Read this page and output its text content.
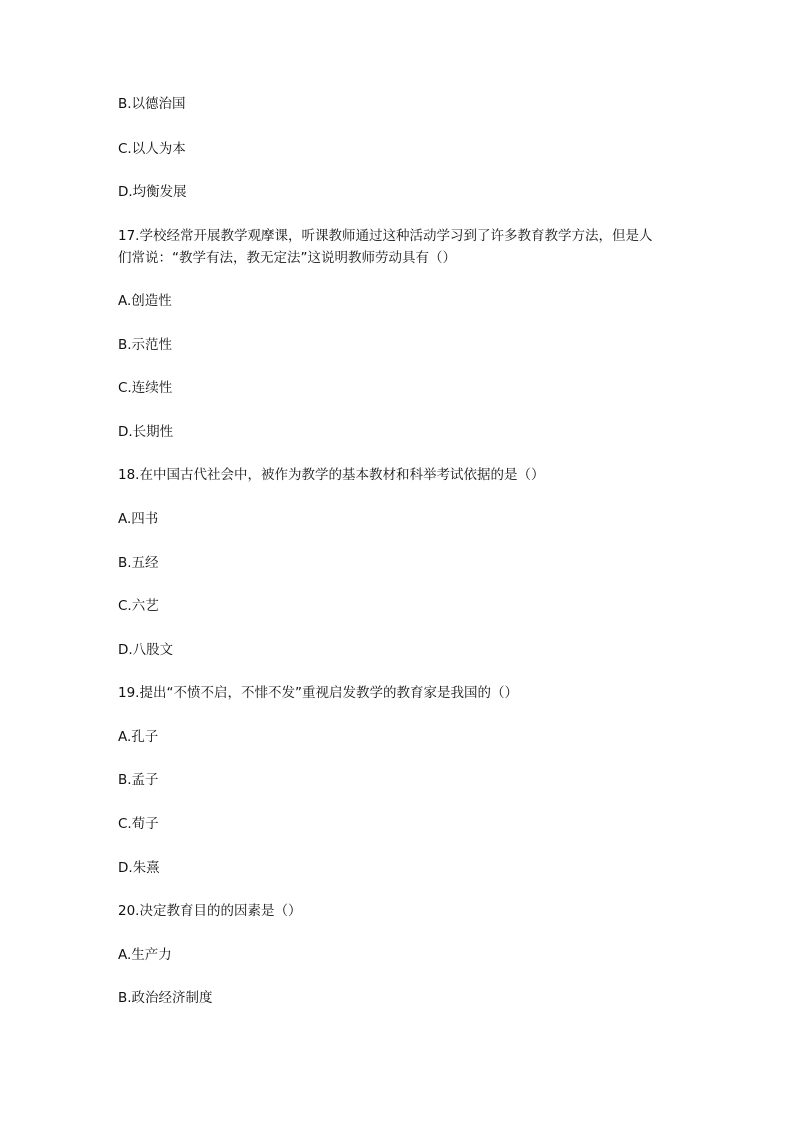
B.以德治国
C.以人为本
D.均衡发展
17.学校经常开展教学观摩课，听课教师通过这种活动学习到了许多教育教学方法，但是人
们常说：“教学有法，教无定法”这说明教师劳动具有（）
A.创造性
B.示范性
C.连续性
D.长期性
18.在中国古代社会中，被作为教学的基本教材和科举考试依据的是（）
A.四书
B.五经
C.六艺
D.八股文
19.提出“不愤不启，不悱不发”重视启发教学的教育家是我国的（）
A.孔子
B.孟子
C.荀子
D.朱熹
20.决定教育目的的因素是（）
A.生产力
B.政治经济制度
